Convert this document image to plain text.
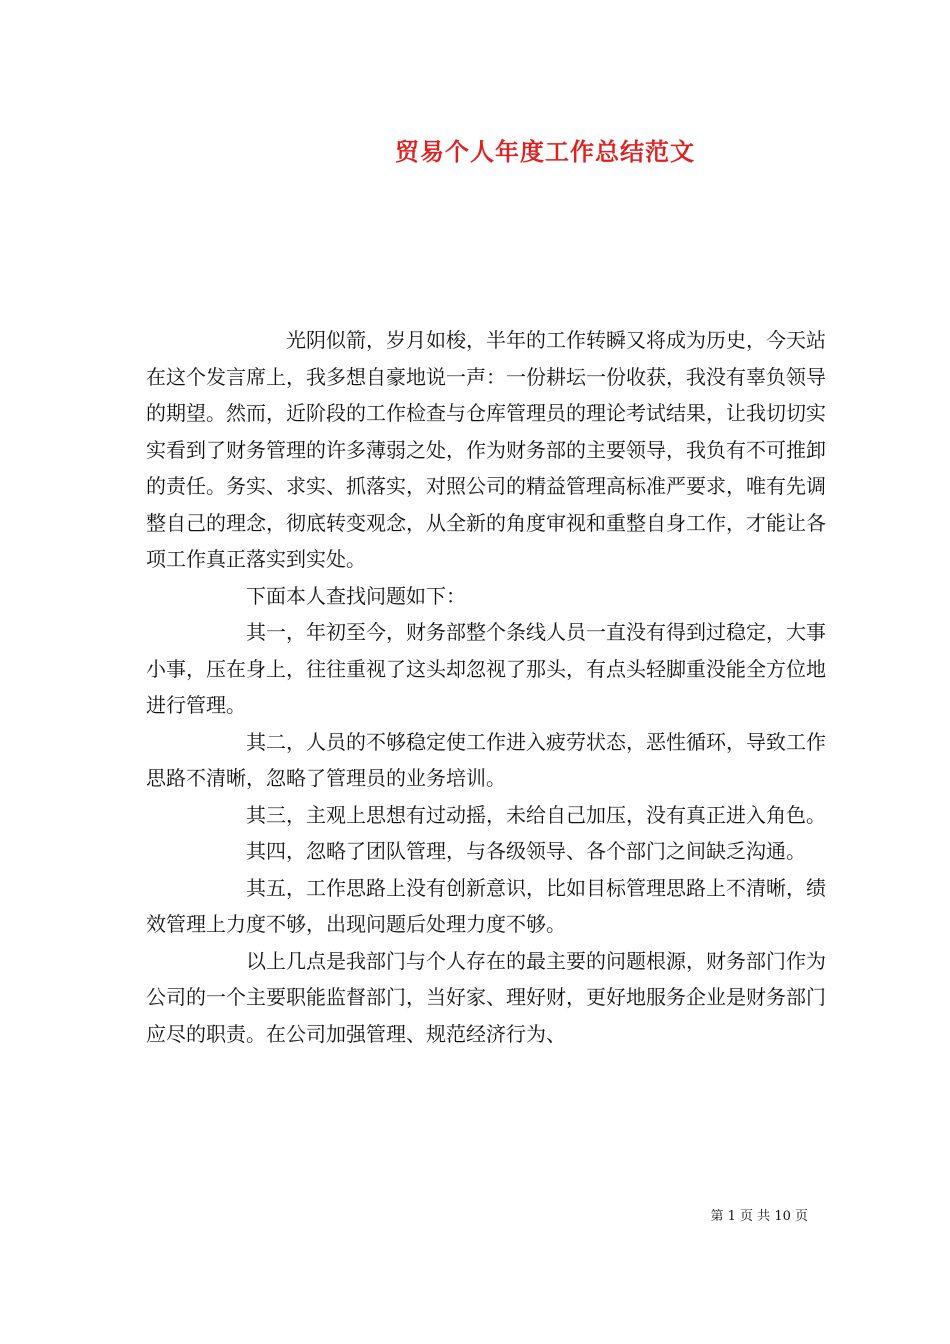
贸易个人年度工作总结范文

光阴似箭，岁月如梭，半年的工作转瞬又将成为历史，今天站在这个发言席上，我多想自豪地说一声：一份耕坛一份收获，我没有辜负领导的期望。然而，近阶段的工作检查与仓库管理员的理论考试结果，让我切切实实看到了财务管理的许多薄弱之处，作为财务部的主要领导，我负有不可推卸的责任。务实、求实、抓落实，对照公司的精益管理高标准严要求，唯有先调整自己的理念，彻底转变观念，从全新的角度审视和重整自身工作，才能让各项工作真正落实到实处。

下面本人查找问题如下：

其一，年初至今，财务部整个条线人员一直没有得到过稳定，大事小事，压在身上，往往重视了这头却忽视了那头，有点头轻脚重没能全方位地进行管理。

其二，人员的不够稳定使工作进入疲劳状态，恶性循环，导致工作思路不清晰，忽略了管理员的业务培训。

其三，主观上思想有过动摇，未给自己加压，没有真正进入角色。

其四，忽略了团队管理，与各级领导、各个部门之间缺乏沟通。

其五，工作思路上没有创新意识，比如目标管理思路上不清晰，绩效管理上力度不够，出现问题后处理力度不够。

以上几点是我部门与个人存在的最主要的问题根源，财务部门作为公司的一个主要职能监督部门，当好家、理好财，更好地服务企业是财务部门应尽的职责。在公司加强管理、规范经济行为、

第 1 页 共 10 页
